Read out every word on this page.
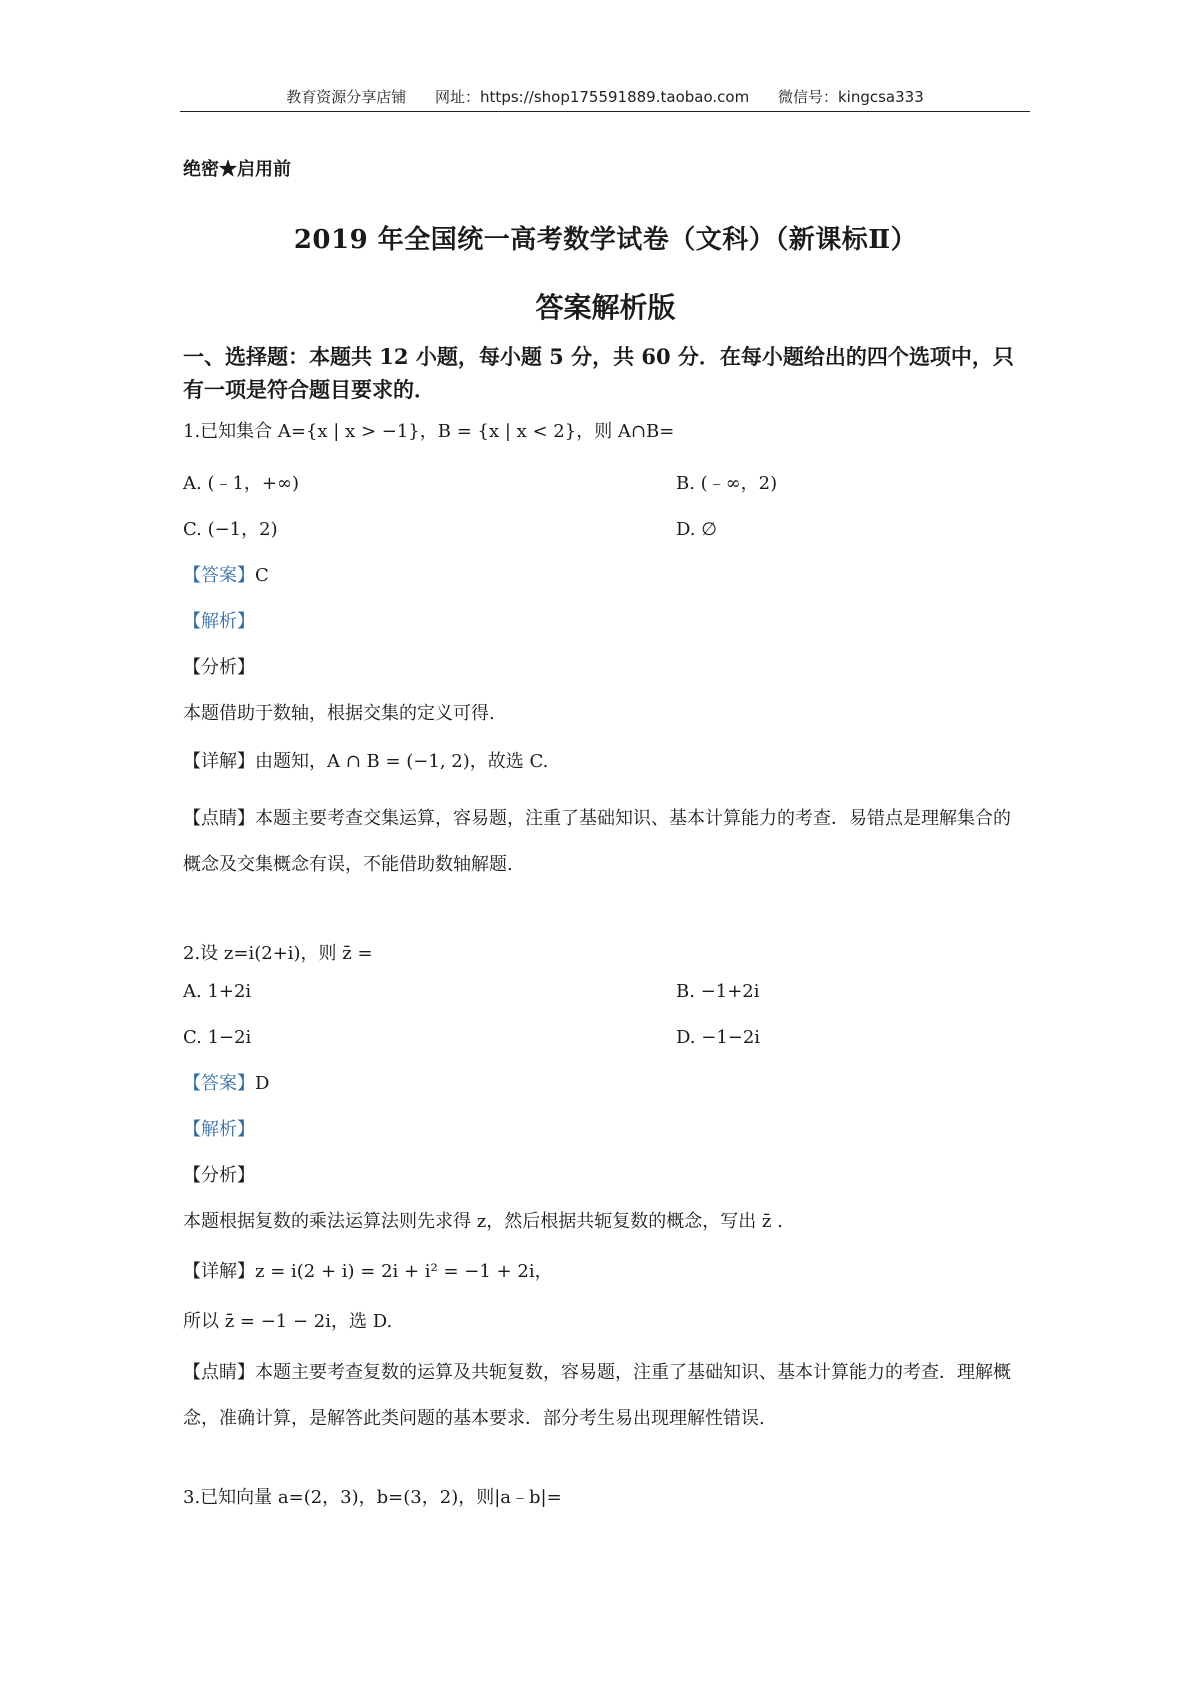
教育资源分享店铺 网址：https://shop175591889.taobao.com 微信号：kingcsa333

绝密★启用前

2019 年全国统一高考数学试卷（文科）（新课标Ⅱ）

答案解析版

一、选择题：本题共 12 小题，每小题 5 分，共 60 分．在每小题给出的四个选项中，只有一项是符合题目要求的．

1.已知集合 A={x | x > −1}，B = {x | x < 2}，则 A∩B=

A. (﹣1，+∞)	B. (﹣∞，2)
C. (−1，2)	D. ∅

【答案】C

【解析】

【分析】

本题借助于数轴，根据交集的定义可得.

【详解】由题知，A ∩ B = (−1, 2)，故选 C.

【点睛】本题主要考查交集运算，容易题，注重了基础知识、基本计算能力的考查．易错点是理解集合的概念及交集概念有误，不能借助数轴解题.

2.设 z=i(2+i)，则 z̄ =

A. 1+2i	B. −1+2i
C. 1−2i	D. −1−2i

【答案】D

【解析】

【分析】

本题根据复数的乘法运算法则先求得 z，然后根据共轭复数的概念，写出 z̄ .

【详解】z = i(2 + i) = 2i + i² = −1 + 2i，

所以 z̄ = −1 − 2i，选 D.

【点睛】本题主要考查复数的运算及共轭复数，容易题，注重了基础知识、基本计算能力的考查．理解概念，准确计算，是解答此类问题的基本要求．部分考生易出现理解性错误.

3.已知向量 a=(2，3)，b=(3，2)，则|a﹣b|=
